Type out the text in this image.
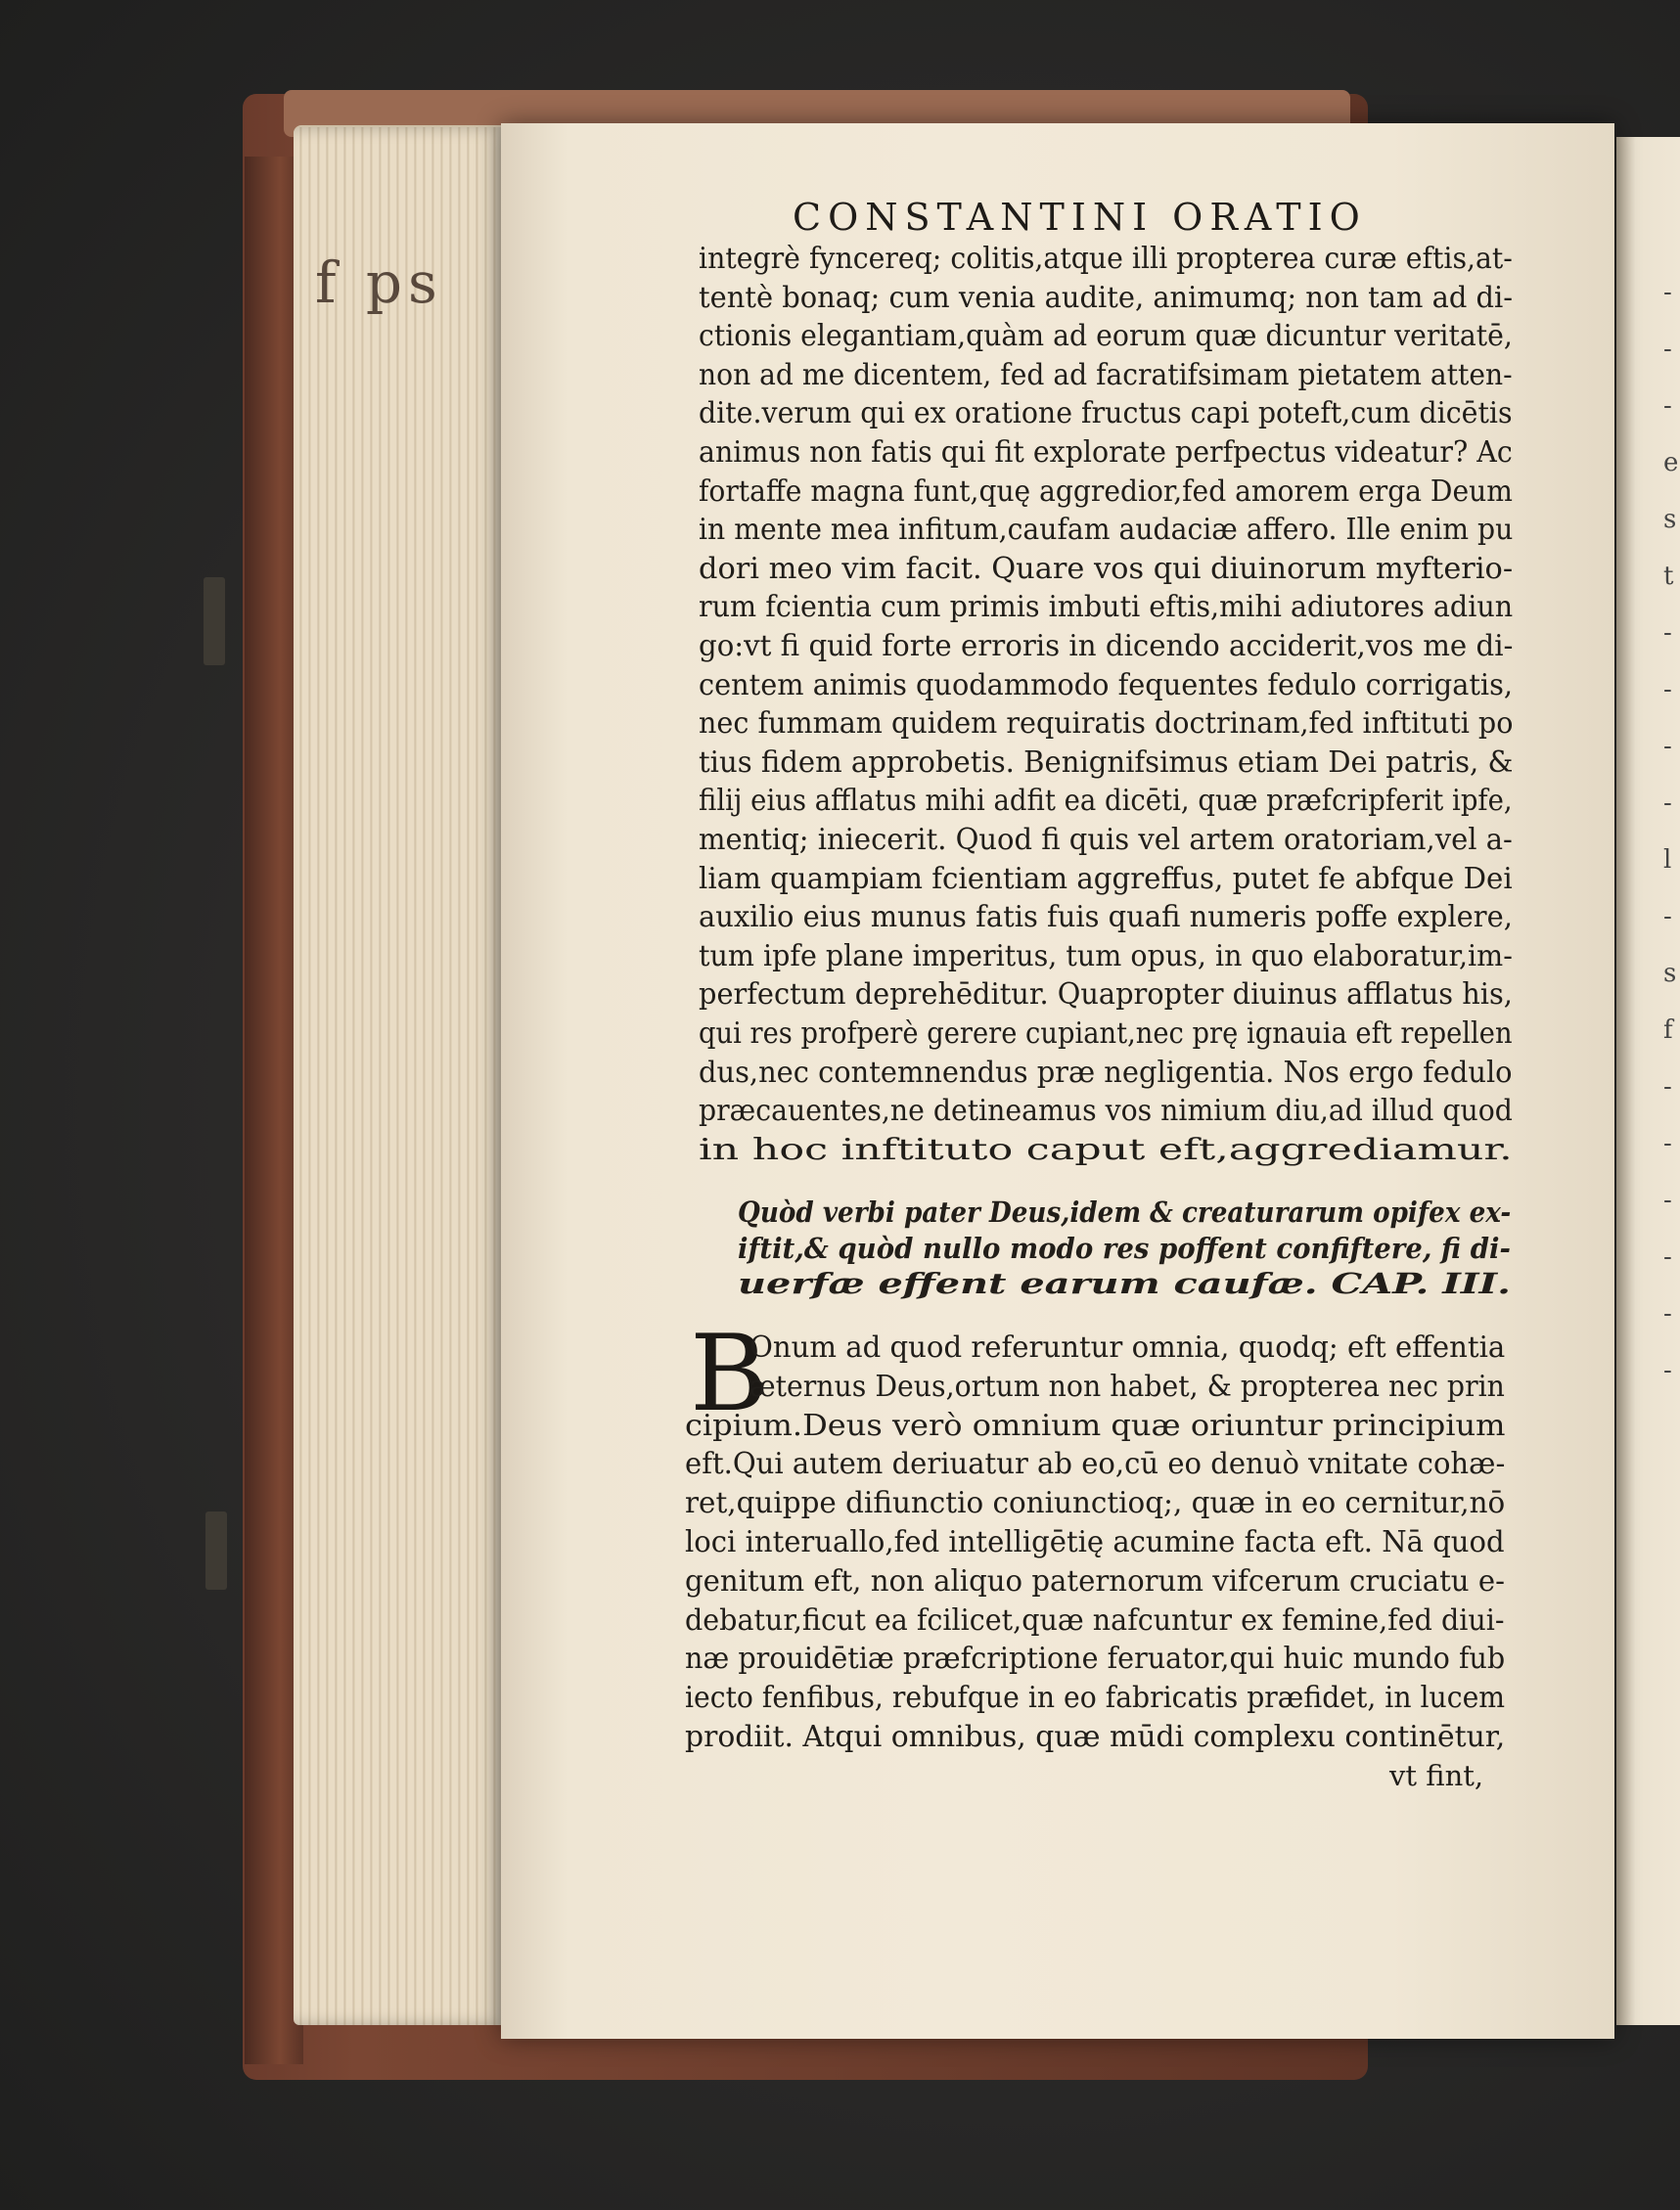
f ps
CONSTANTINI ORATIO
integrè fyncereq; colitis,atque illi propterea curæ eftis,at-
tentè bonaq; cum venia audite, animumq; non tam ad di-
ctionis elegantiam,quàm ad eorum quæ dicuntur veritatē,
non ad me dicentem, fed ad facratifsimam pietatem atten-
dite.verum qui ex oratione fructus capi poteft,cum dicētis
animus non fatis qui fit explorate perfpectus videatur? Ac
fortaffe magna funt,quę aggredior,fed amorem erga Deum
in mente mea infitum,caufam audaciæ affero. Ille enim pu
dori meo vim facit. Quare vos qui diuinorum myfterio-
rum fcientia cum primis imbuti eftis,mihi adiutores adiun
go:vt fi quid forte erroris in dicendo acciderit,vos me di-
centem animis quodammodo fequentes fedulo corrigatis,
nec fummam quidem requiratis doctrinam,fed inftituti po
tius fidem approbetis. Benignifsimus etiam Dei patris, &
filij eius afflatus mihi adfit ea dicēti, quæ præfcripferit ipfe,
mentiq; iniecerit. Quod fi quis vel artem oratoriam,vel a-
liam quampiam fcientiam aggreffus, putet fe abfque Dei
auxilio eius munus fatis fuis quafi numeris poffe explere,
tum ipfe plane imperitus, tum opus, in quo elaboratur,im-
perfectum deprehēditur. Quapropter diuinus afflatus his,
qui res profperè gerere cupiant,nec prę ignauia eft repellen
dus,nec contemnendus præ negligentia. Nos ergo fedulo
præcauentes,ne detineamus vos nimium diu,ad illud quod
in hoc inftituto caput eft,aggrediamur.
Quòd verbi pater Deus,idem & creaturarum opifex ex-
iftit,& quòd nullo modo res poffent confiftere, fi di-
uerfæ effent earum caufæ. CAP. III.
B
Onum ad quod referuntur omnia, quodq; eft effentia
æternus Deus,ortum non habet, & propterea nec prin
cipium.Deus verò omnium quæ oriuntur principium
eft.Qui autem deriuatur ab eo,cū eo denuò vnitate cohæ-
ret,quippe difiunctio coniunctioq;, quæ in eo cernitur,nō
loci interuallo,fed intelligētię acumine facta eft. Nā quod
genitum eft, non aliquo paternorum vifcerum cruciatu e-
debatur,ficut ea fcilicet,quæ nafcuntur ex femine,fed diui-
næ prouidētiæ præfcriptione feruator,qui huic mundo fub
iecto fenfibus, rebufque in eo fabricatis præfidet, in lucem
prodiit. Atqui omnibus, quæ mūdi complexu continētur,
vt fint,
-
-
-
e
s
t
-
-
-
-
l
-
s
f
-
-
-
-
-
-
